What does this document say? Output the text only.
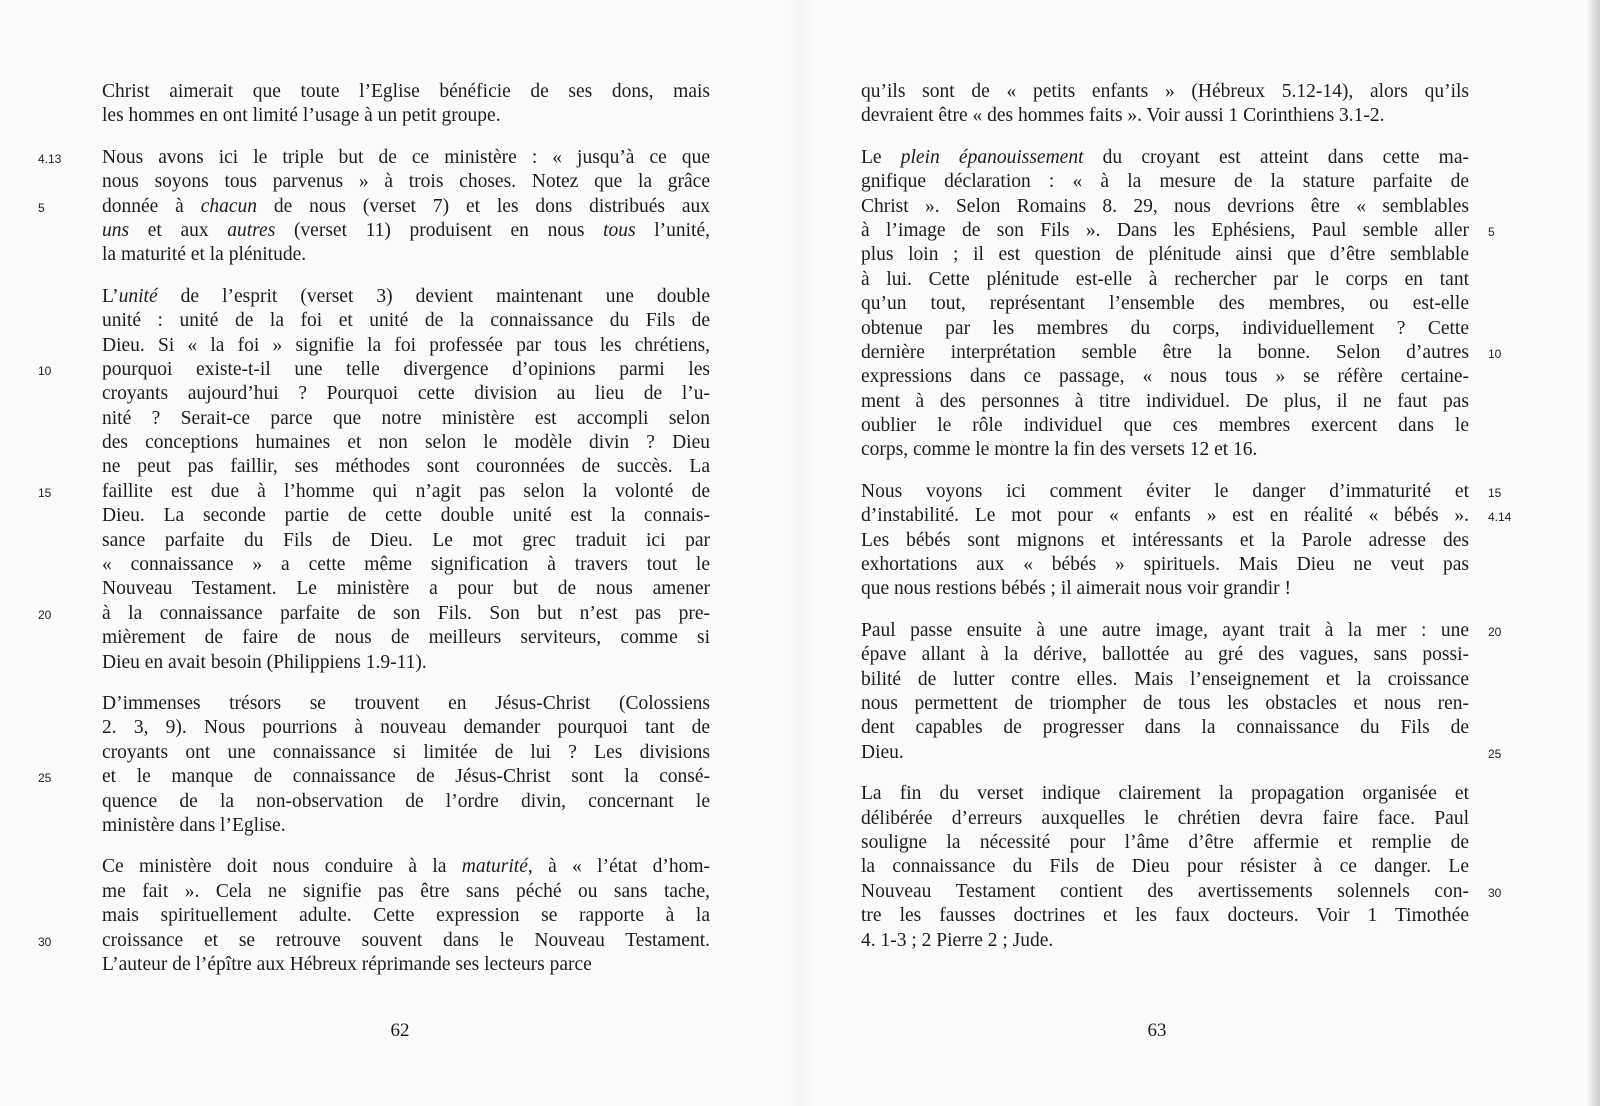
Christ aimerait que toute l’Eglise bénéficie de ses dons, mais
les hommes en ont limité l’usage à un petit groupe.
Nous avons ici le triple but de ce ministère : « jusqu’à ce que
nous soyons tous parvenus » à trois choses. Notez que la grâce
donnée à chacun de nous (verset 7) et les dons distribués aux
uns et aux autres (verset 11) produisent en nous tous l’unité,
la maturité et la plénitude.
L’unité de l’esprit (verset 3) devient maintenant une double
unité : unité de la foi et unité de la connaissance du Fils de
Dieu. Si « la foi » signifie la foi professée par tous les chrétiens,
pourquoi existe-t-il une telle divergence d’opinions parmi les
croyants aujourd’hui ? Pourquoi cette division au lieu de l’u-
nité ? Serait-ce parce que notre ministère est accompli selon
des conceptions humaines et non selon le modèle divin ? Dieu
ne peut pas faillir, ses méthodes sont couronnées de succès. La
faillite est due à l’homme qui n’agit pas selon la volonté de
Dieu. La seconde partie de cette double unité est la connais-
sance parfaite du Fils de Dieu. Le mot grec traduit ici par
« connaissance » a cette même signification à travers tout le
Nouveau Testament. Le ministère a pour but de nous amener
à la connaissance parfaite de son Fils. Son but n’est pas pre-
mièrement de faire de nous de meilleurs serviteurs, comme si
Dieu en avait besoin (Philippiens 1.9-11).
D’immenses trésors se trouvent en Jésus-Christ (Colossiens
2. 3, 9). Nous pourrions à nouveau demander pourquoi tant de
croyants ont une connaissance si limitée de lui ? Les divisions
et le manque de connaissance de Jésus-Christ sont la consé-
quence de la non-observation de l’ordre divin, concernant le
ministère dans l’Eglise.
Ce ministère doit nous conduire à la maturité, à « l’état d’hom-
me fait ». Cela ne signifie pas être sans péché ou sans tache,
mais spirituellement adulte. Cette expression se rapporte à la
croissance et se retrouve souvent dans le Nouveau Testament.
L’auteur de l’épître aux Hébreux réprimande ses lecteurs parce
62
4.13
5
10
15
20
25
30
qu’ils sont de « petits enfants » (Hébreux 5.12-14), alors qu’ils
devraient être « des hommes faits ». Voir aussi 1 Corinthiens 3.1-2.
Le plein épanouissement du croyant est atteint dans cette ma-
gnifique déclaration : « à la mesure de la stature parfaite de
Christ ». Selon Romains 8. 29, nous devrions être « semblables
à l’image de son Fils ». Dans les Ephésiens, Paul semble aller
plus loin ; il est question de plénitude ainsi que d’être semblable
à lui. Cette plénitude est-elle à rechercher par le corps en tant
qu’un tout, représentant l’ensemble des membres, ou est-elle
obtenue par les membres du corps, individuellement ? Cette
dernière interprétation semble être la bonne. Selon d’autres
expressions dans ce passage, « nous tous » se réfère certaine-
ment à des personnes à titre individuel. De plus, il ne faut pas
oublier le rôle individuel que ces membres exercent dans le
corps, comme le montre la fin des versets 12 et 16.
Nous voyons ici comment éviter le danger d’immaturité et
d’instabilité. Le mot pour « enfants » est en réalité « bébés ».
Les bébés sont mignons et intéressants et la Parole adresse des
exhortations aux « bébés » spirituels. Mais Dieu ne veut pas
que nous restions bébés ; il aimerait nous voir grandir !
Paul passe ensuite à une autre image, ayant trait à la mer : une
épave allant à la dérive, ballottée au gré des vagues, sans possi-
bilité de lutter contre elles. Mais l’enseignement et la croissance
nous permettent de triompher de tous les obstacles et nous ren-
dent capables de progresser dans la connaissance du Fils de
Dieu.
La fin du verset indique clairement la propagation organisée et
délibérée d’erreurs auxquelles le chrétien devra faire face. Paul
souligne la nécessité pour l’âme d’être affermie et remplie de
la connaissance du Fils de Dieu pour résister à ce danger. Le
Nouveau Testament contient des avertissements solennels con-
tre les fausses doctrines et les faux docteurs. Voir 1 Timothée
4. 1-3 ; 2 Pierre 2 ; Jude.
63
5
10
15
4.14
20
25
30
